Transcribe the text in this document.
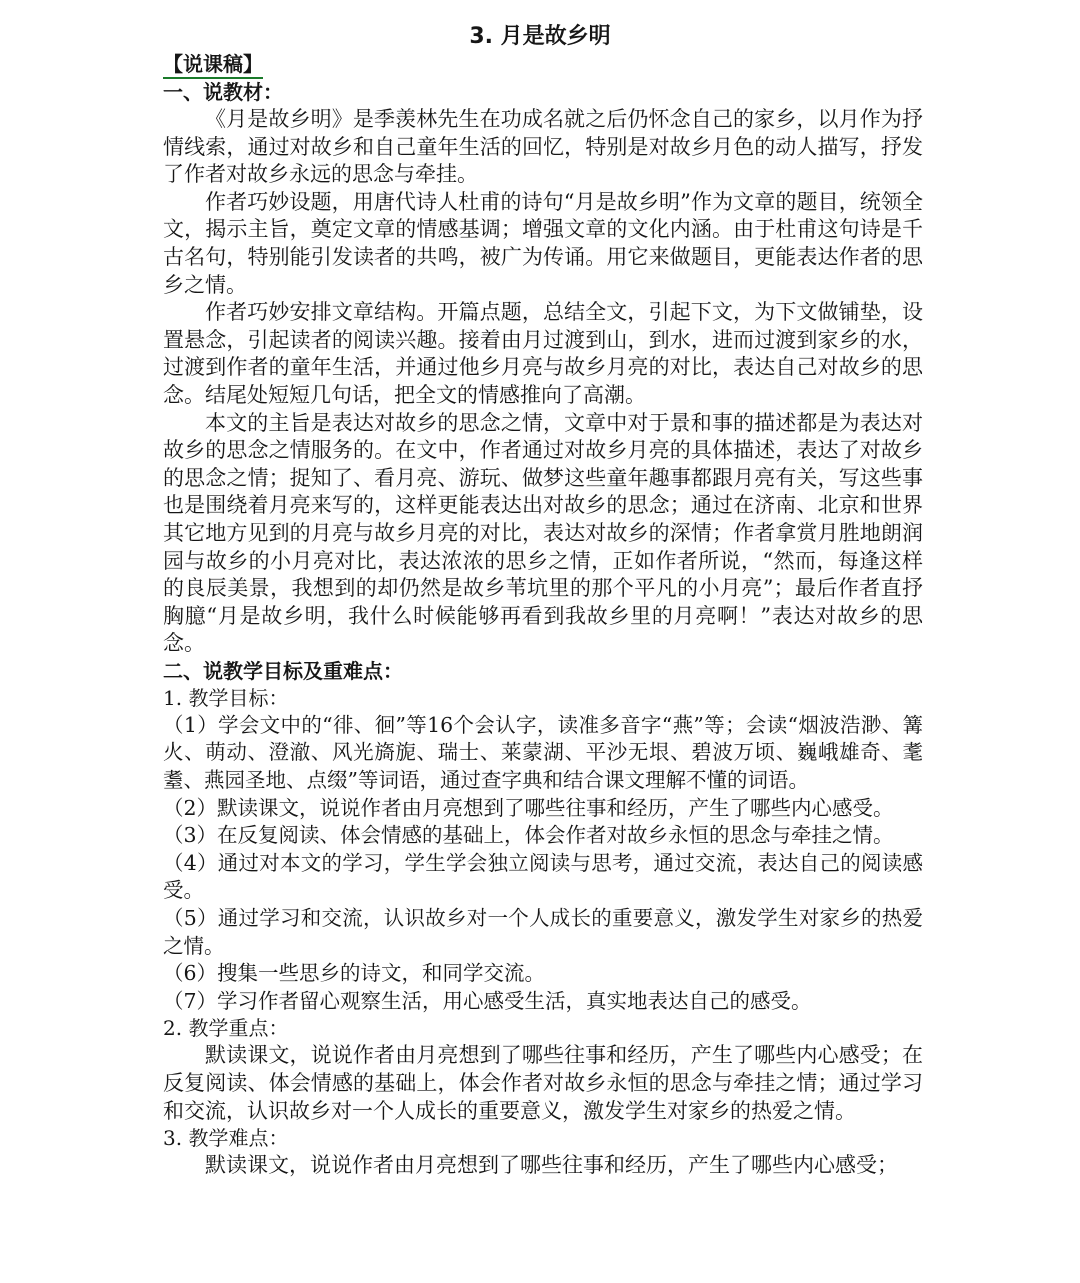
3. 月是故乡明
【说课稿】
一、说教材：

《月是故乡明》是季羡林先生在功成名就之后仍怀念自己的家乡，以月作为抒情线索，通过对故乡和自己童年生活的回忆，特别是对故乡月色的动人描写，抒发了作者对故乡永远的思念与牵挂。

作者巧妙设题，用唐代诗人杜甫的诗句“月是故乡明”作为文章的题目，统领全文，揭示主旨，奠定文章的情感基调；增强文章的文化内涵。由于杜甫这句诗是千古名句，特别能引发读者的共鸣，被广为传诵。用它来做题目，更能表达作者的思乡之情。

作者巧妙安排文章结构。开篇点题，总结全文，引起下文，为下文做铺垫，设置悬念，引起读者的阅读兴趣。接着由月过渡到山，到水，进而过渡到家乡的水，过渡到作者的童年生活，并通过他乡月亮与故乡月亮的对比，表达自己对故乡的思念。结尾处短短几句话，把全文的情感推向了高潮。

本文的主旨是表达对故乡的思念之情，文章中对于景和事的描述都是为表达对故乡的思念之情服务的。在文中，作者通过对故乡月亮的具体描述，表达了对故乡的思念之情；捉知了、看月亮、游玩、做梦这些童年趣事都跟月亮有关，写这些事也是围绕着月亮来写的，这样更能表达出对故乡的思念；通过在济南、北京和世界其它地方见到的月亮与故乡月亮的对比，表达对故乡的深情；作者拿赏月胜地朗润园与故乡的小月亮对比，表达浓浓的思乡之情，正如作者所说，“然而，每逢这样的良辰美景，我想到的却仍然是故乡苇坑里的那个平凡的小月亮”；最后作者直抒胸臆“月是故乡明，我什么时候能够再看到我故乡里的月亮啊！”表达对故乡的思念。

二、说教学目标及重难点：
1. 教学目标：

（1）学会文中的“徘、徊”等16个会认字，读准多音字“燕”等；会读“烟波浩渺、篝火、萌动、澄澈、风光旖旎、瑞士、莱蒙湖、平沙无垠、碧波万顷、巍峨雄奇、耄耋、燕园圣地、点缀”等词语，通过查字典和结合课文理解不懂的词语。

（2）默读课文，说说作者由月亮想到了哪些往事和经历，产生了哪些内心感受。

（3）在反复阅读、体会情感的基础上，体会作者对故乡永恒的思念与牵挂之情。

（4）通过对本文的学习，学生学会独立阅读与思考，通过交流，表达自己的阅读感受。

（5）通过学习和交流，认识故乡对一个人成长的重要意义，激发学生对家乡的热爱之情。

（6）搜集一些思乡的诗文，和同学交流。

（7）学习作者留心观察生活，用心感受生活，真实地表达自己的感受。

2. 教学重点：

默读课文，说说作者由月亮想到了哪些往事和经历，产生了哪些内心感受；在反复阅读、体会情感的基础上，体会作者对故乡永恒的思念与牵挂之情；通过学习和交流，认识故乡对一个人成长的重要意义，激发学生对家乡的热爱之情。

3. 教学难点：

默读课文，说说作者由月亮想到了哪些往事和经历，产生了哪些内心感受；
